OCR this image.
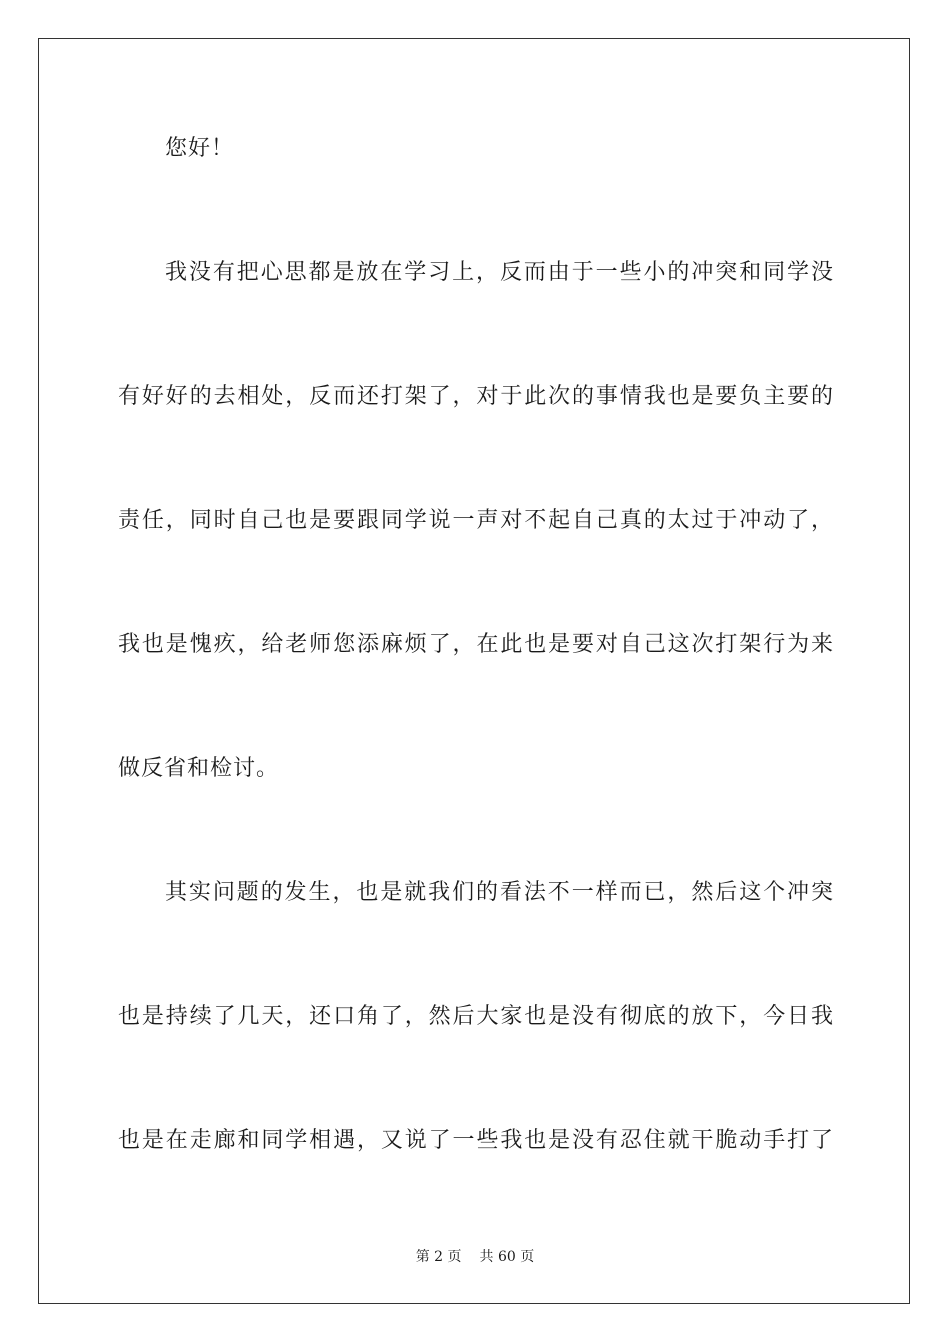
您好！
我没有把心思都是放在学习上，反而由于一些小的冲突和同学没
有好好的去相处，反而还打架了，对于此次的事情我也是要负主要的
责任，同时自己也是要跟同学说一声对不起自己真的太过于冲动了，
我也是愧疚，给老师您添麻烦了，在此也是要对自己这次打架行为来
做反省和检讨。
其实问题的发生，也是就我们的看法不一样而已，然后这个冲突
也是持续了几天，还口角了，然后大家也是没有彻底的放下，今日我
也是在走廊和同学相遇，又说了一些我也是没有忍住就干脆动手打了
第 2 页 共 60 页
